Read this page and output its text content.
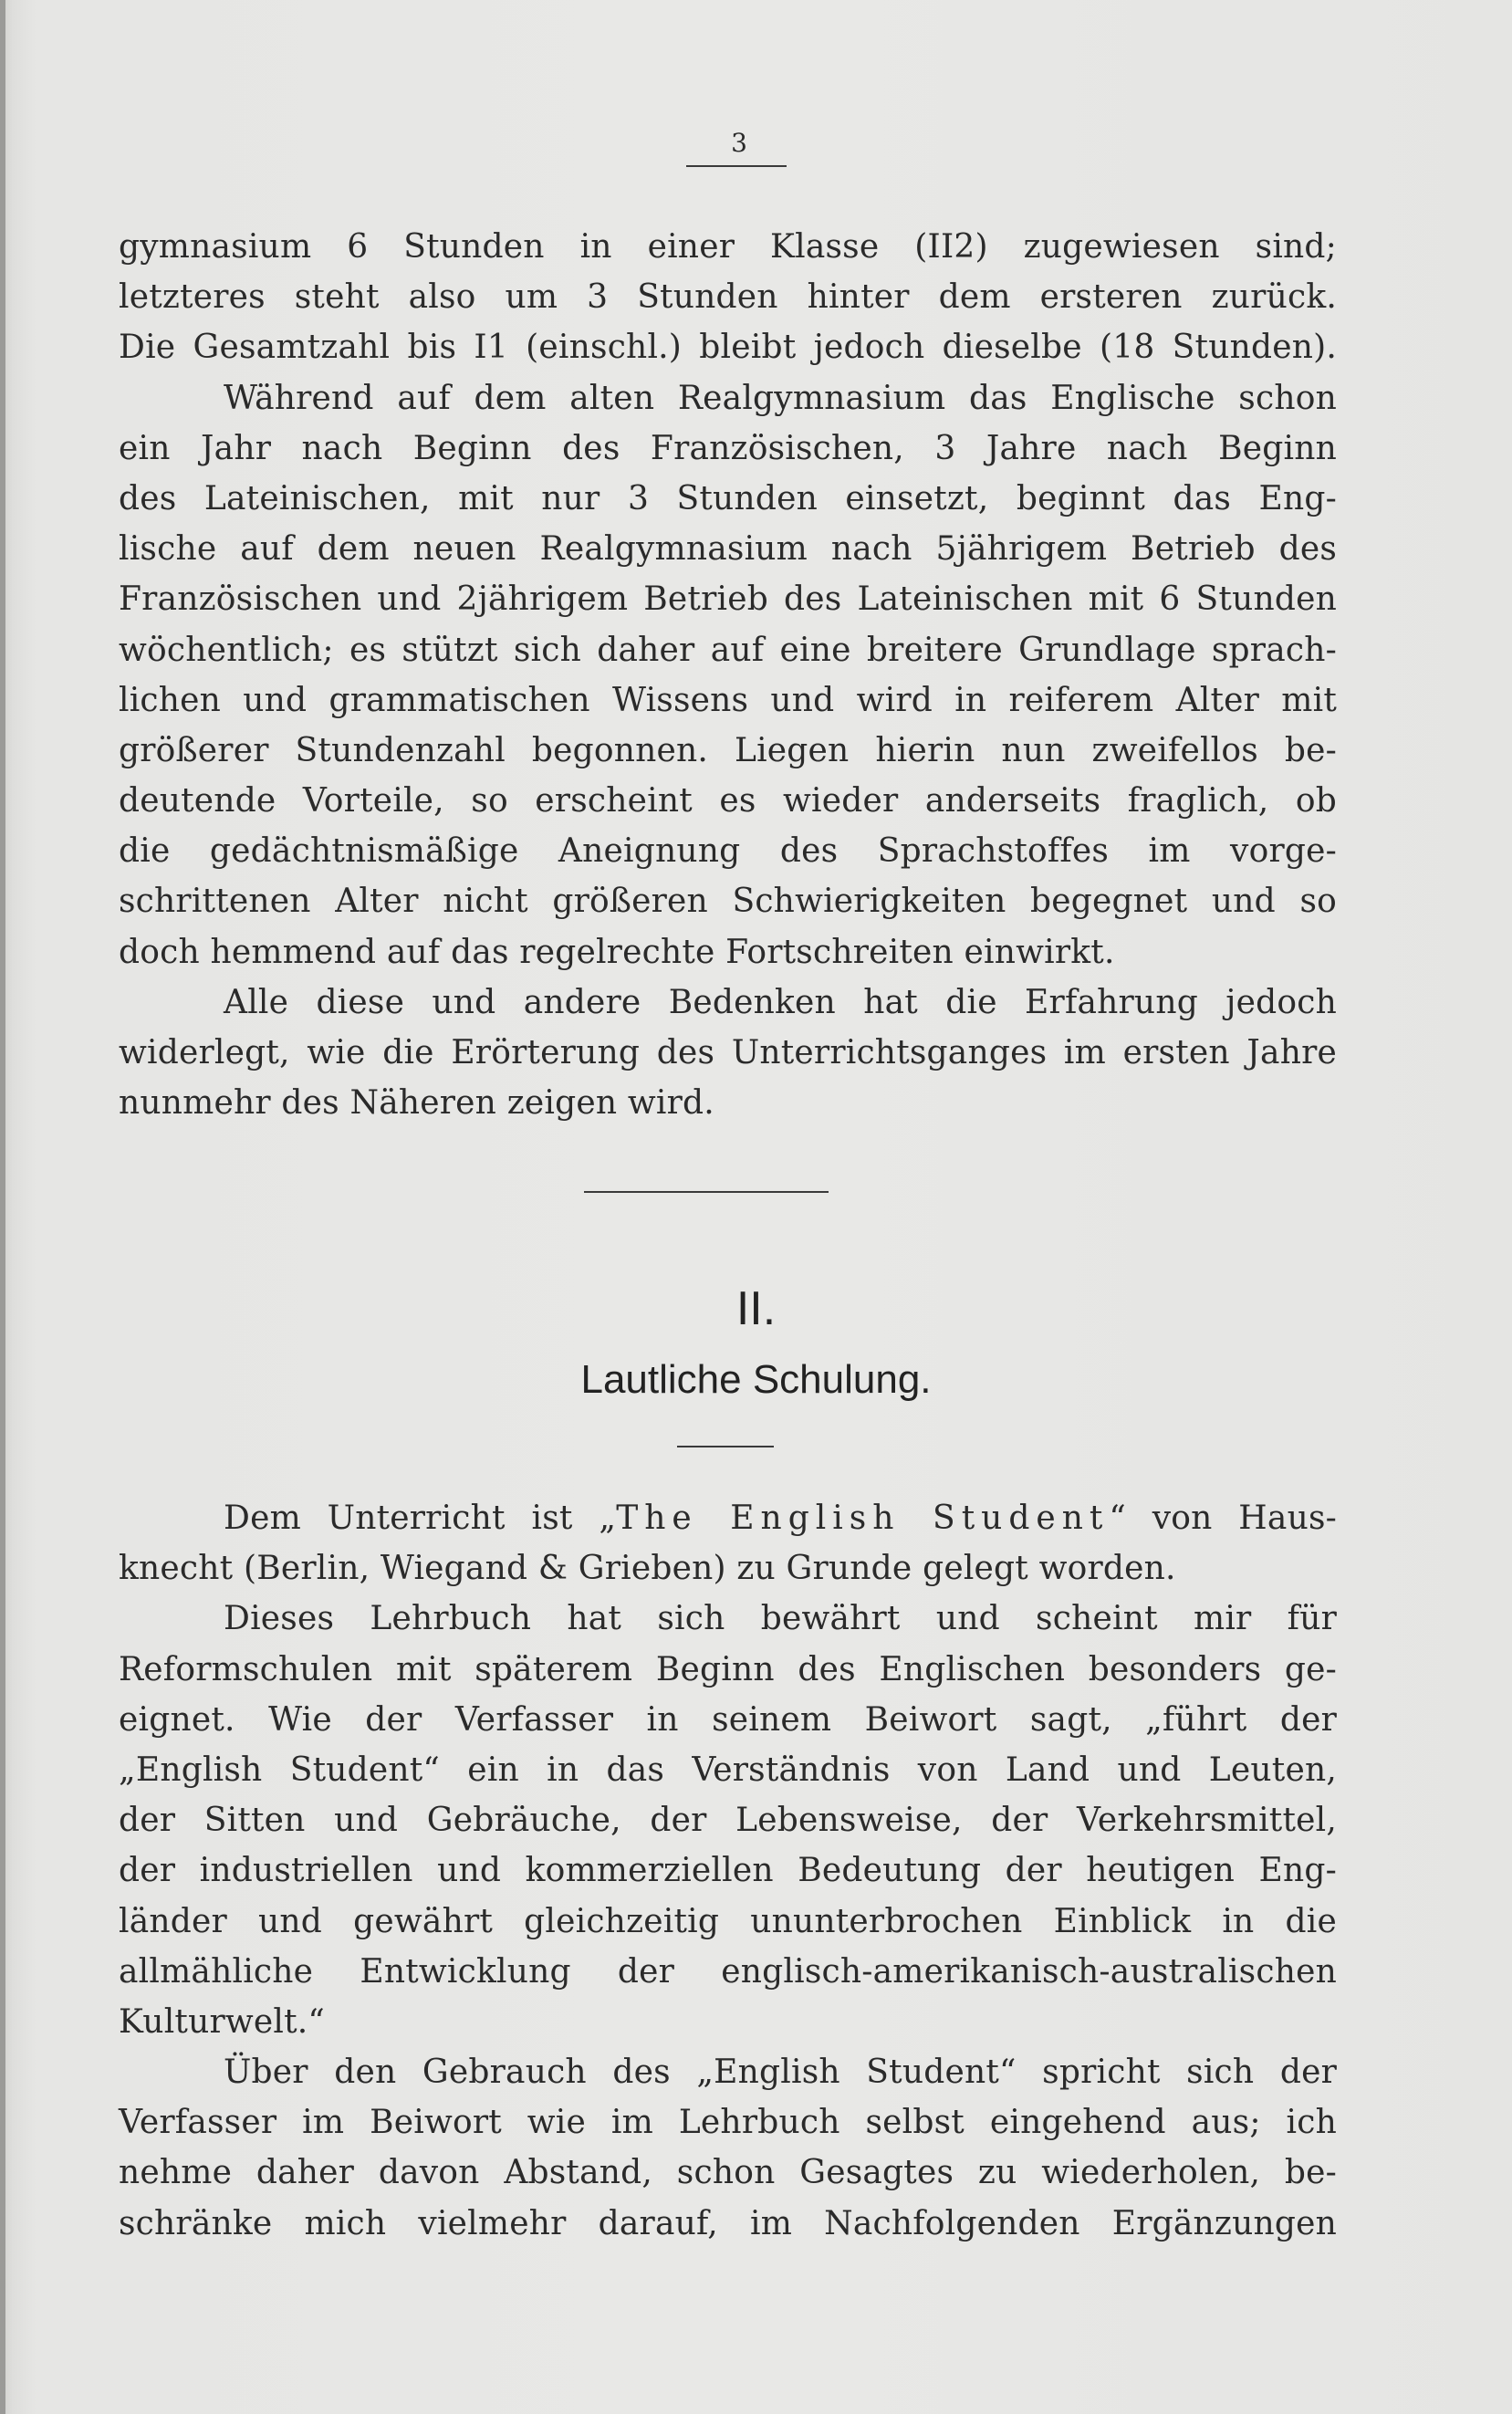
3
gymnasium 6 Stunden in einer Klasse (II2) zugewiesen sind;
letzteres steht also um 3 Stunden hinter dem ersteren zurück.
Die Gesamtzahl bis I1 (einschl.) bleibt jedoch dieselbe (18 Stunden).
Während auf dem alten Realgymnasium das Englische schon
ein Jahr nach Beginn des Französischen, 3 Jahre nach Beginn
des Lateinischen, mit nur 3 Stunden einsetzt, beginnt das Eng-
lische auf dem neuen Realgymnasium nach 5jährigem Betrieb des
Französischen und 2jährigem Betrieb des Lateinischen mit 6 Stunden
wöchentlich; es stützt sich daher auf eine breitere Grundlage sprach-
lichen und grammatischen Wissens und wird in reiferem Alter mit
größerer Stundenzahl begonnen. Liegen hierin nun zweifellos be-
deutende Vorteile, so erscheint es wieder anderseits fraglich, ob
die gedächtnismäßige Aneignung des Sprachstoffes im vorge-
schrittenen Alter nicht größeren Schwierigkeiten begegnet und so
doch hemmend auf das regelrechte Fortschreiten einwirkt.
Alle diese und andere Bedenken hat die Erfahrung jedoch
widerlegt, wie die Erörterung des Unterrichtsganges im ersten Jahre
nunmehr des Näheren zeigen wird.
II.
Lautliche Schulung.
Dem Unterricht ist „The English Student“ von Haus-
knecht (Berlin, Wiegand & Grieben) zu Grunde gelegt worden.
Dieses Lehrbuch hat sich bewährt und scheint mir für
Reformschulen mit späterem Beginn des Englischen besonders ge-
eignet. Wie der Verfasser in seinem Beiwort sagt, „führt der
„English Student“ ein in das Verständnis von Land und Leuten,
der Sitten und Gebräuche, der Lebensweise, der Verkehrsmittel,
der industriellen und kommerziellen Bedeutung der heutigen Eng-
länder und gewährt gleichzeitig ununterbrochen Einblick in die
allmähliche Entwicklung der englisch-amerikanisch-australischen
Kulturwelt.“
Über den Gebrauch des „English Student“ spricht sich der
Verfasser im Beiwort wie im Lehrbuch selbst eingehend aus; ich
nehme daher davon Abstand, schon Gesagtes zu wiederholen, be-
schränke mich vielmehr darauf, im Nachfolgenden Ergänzungen
